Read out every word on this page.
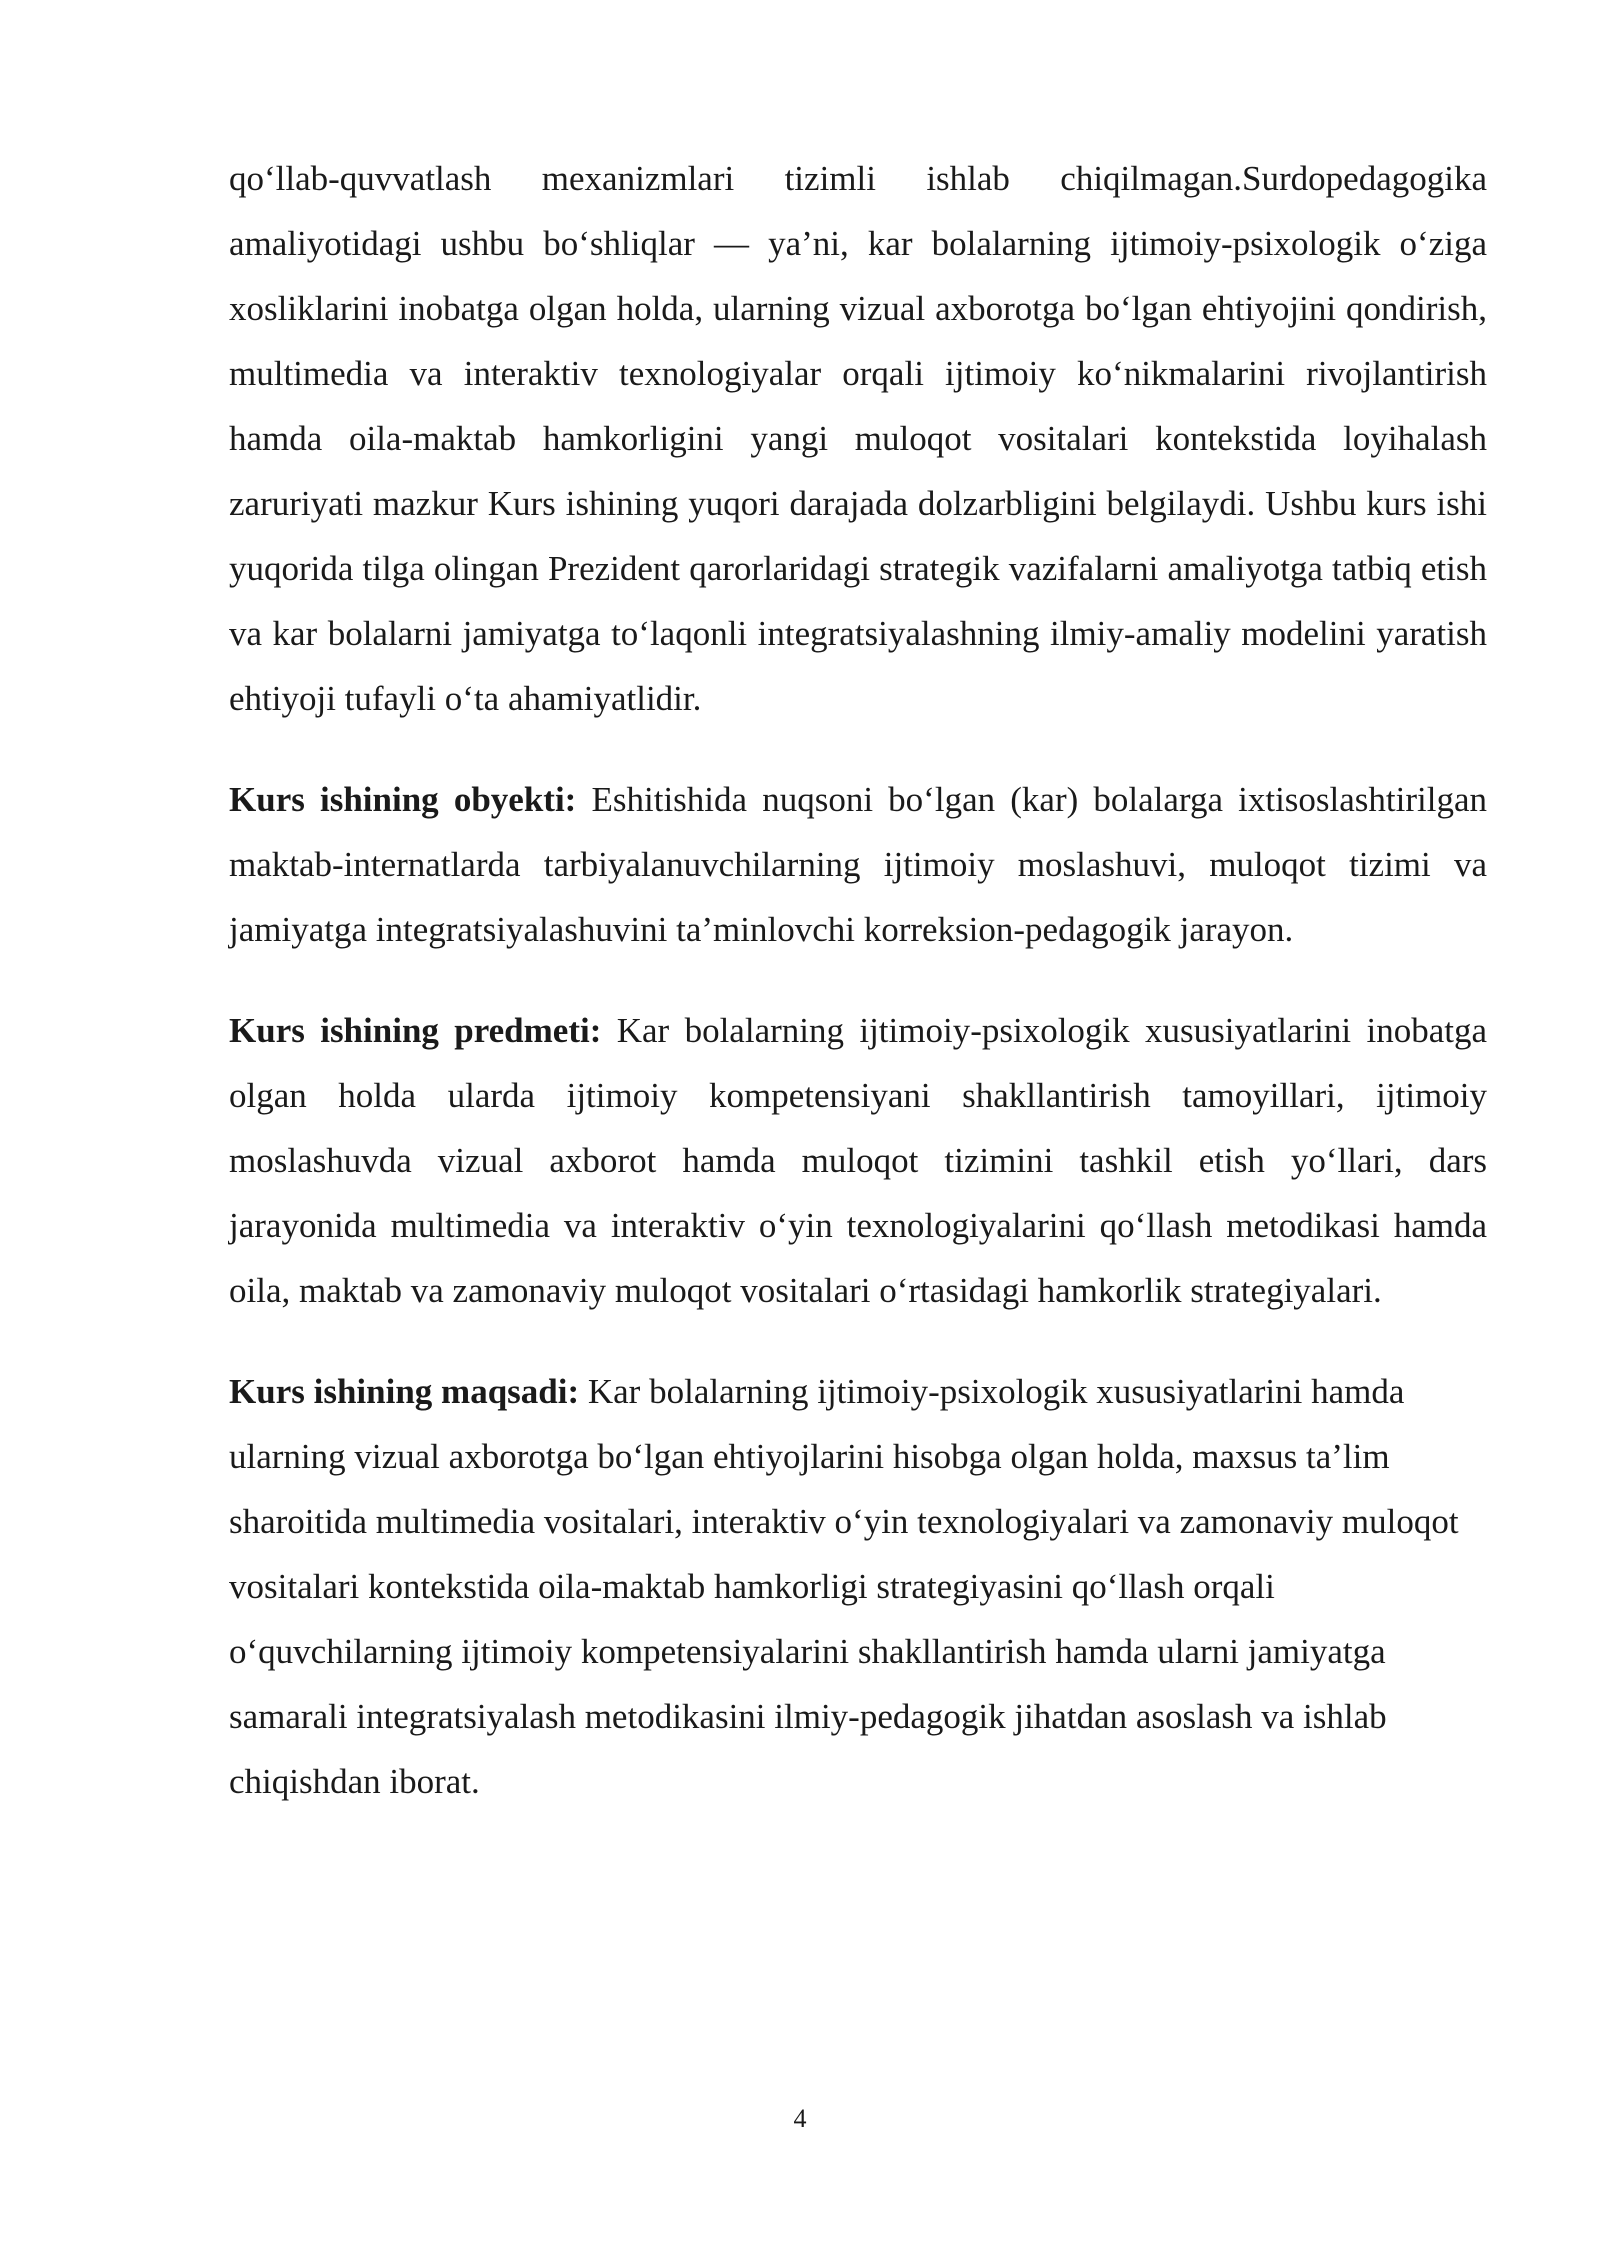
qo‘llab-quvvatlash mexanizmlari tizimli ishlab chiqilmagan.Surdopedagogika amaliyotidagi ushbu bo‘shliqlar — ya’ni, kar bolalarning ijtimoiy-psixologik o‘ziga xosliklarini inobatga olgan holda, ularning vizual axborotga bo‘lgan ehtiyojini qondirish, multimedia va interaktiv texnologiyalar orqali ijtimoiy ko‘nikmalarini rivojlantirish hamda oila-maktab hamkorligini yangi muloqot vositalari kontekstida loyihalash zaruriyati mazkur Kurs ishining yuqori darajada dolzarbligini belgilaydi. Ushbu kurs ishi yuqorida tilga olingan Prezident qarorlaridagi strategik vazifalarni amaliyotga tatbiq etish va kar bolalarni jamiyatga to‘laqonli integratsiyalashning ilmiy-amaliy modelini yaratish ehtiyoji tufayli o‘ta ahamiyatlidir.

Kurs ishining obyekti: Eshitishida nuqsoni bo‘lgan (kar) bolalarga ixtisoslashtirilgan maktab-internatlarda tarbiyalanuvchilarning ijtimoiy moslashuvi, muloqot tizimi va jamiyatga integratsiyalashuvini ta’minlovchi korreksion-pedagogik jarayon.

Kurs ishining predmeti: Kar bolalarning ijtimoiy-psixologik xususiyatlarini inobatga olgan holda ularda ijtimoiy kompetensiyani shakllantirish tamoyillari, ijtimoiy moslashuvda vizual axborot hamda muloqot tizimini tashkil etish yo‘llari, dars jarayonida multimedia va interaktiv o‘yin texnologiyalarini qo‘llash metodikasi hamda oila, maktab va zamonaviy muloqot vositalari o‘rtasidagi hamkorlik strategiyalari.

Kurs ishining maqsadi: Kar bolalarning ijtimoiy-psixologik xususiyatlarini hamda ularning vizual axborotga bo‘lgan ehtiyojlarini hisobga olgan holda, maxsus ta’lim sharoitida multimedia vositalari, interaktiv o‘yin texnologiyalari va zamonaviy muloqot vositalari kontekstida oila-maktab hamkorligi strategiyasini qo‘llash orqali o‘quvchilarning ijtimoiy kompetensiyalarini shakllantirish hamda ularni jamiyatga samarali integratsiyalash metodikasini ilmiy-pedagogik jihatdan asoslash va ishlab chiqishdan iborat.

4
